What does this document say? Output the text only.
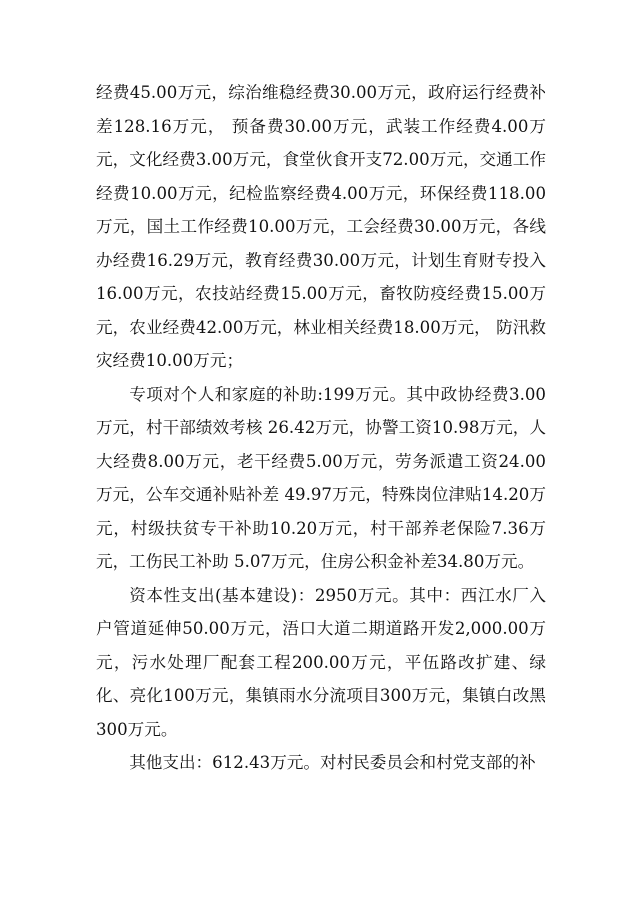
经费45.00万元，综治维稳经费30.00万元，政府运行经费补差128.16万元， 预备费30.00万元，武装工作经费4.00万元，文化经费3.00万元，食堂伙食开支72.00万元，交通工作经费10.00万元，纪检监察经费4.00万元，环保经费118.00万元，国土工作经费10.00万元，工会经费30.00万元，各线办经费16.29万元，教育经费30.00万元，计划生育财专投入16.00万元，农技站经费15.00万元，畜牧防疫经费15.00万元，农业经费42.00万元，林业相关经费18.00万元， 防汛救灾经费10.00万元；

专项对个人和家庭的补助:199万元。其中政协经费3.00万元，村干部绩效考核 26.42万元，协警工资10.98万元，人大经费8.00万元，老干经费5.00万元，劳务派遣工资24.00万元，公车交通补贴补差 49.97万元，特殊岗位津贴14.20万元，村级扶贫专干补助10.20万元，村干部养老保险7.36万元，工伤民工补助 5.07万元，住房公积金补差34.80万元。

资本性支出(基本建设)：2950万元。其中：西江水厂入户管道延伸50.00万元，浯口大道二期道路开发2,000.00万元，污水处理厂配套工程200.00万元，平伍路改扩建、绿化、亮化100万元，集镇雨水分流项目300万元，集镇白改黑 300万元。

其他支出：612.43万元。对村民委员会和村党支部的补
